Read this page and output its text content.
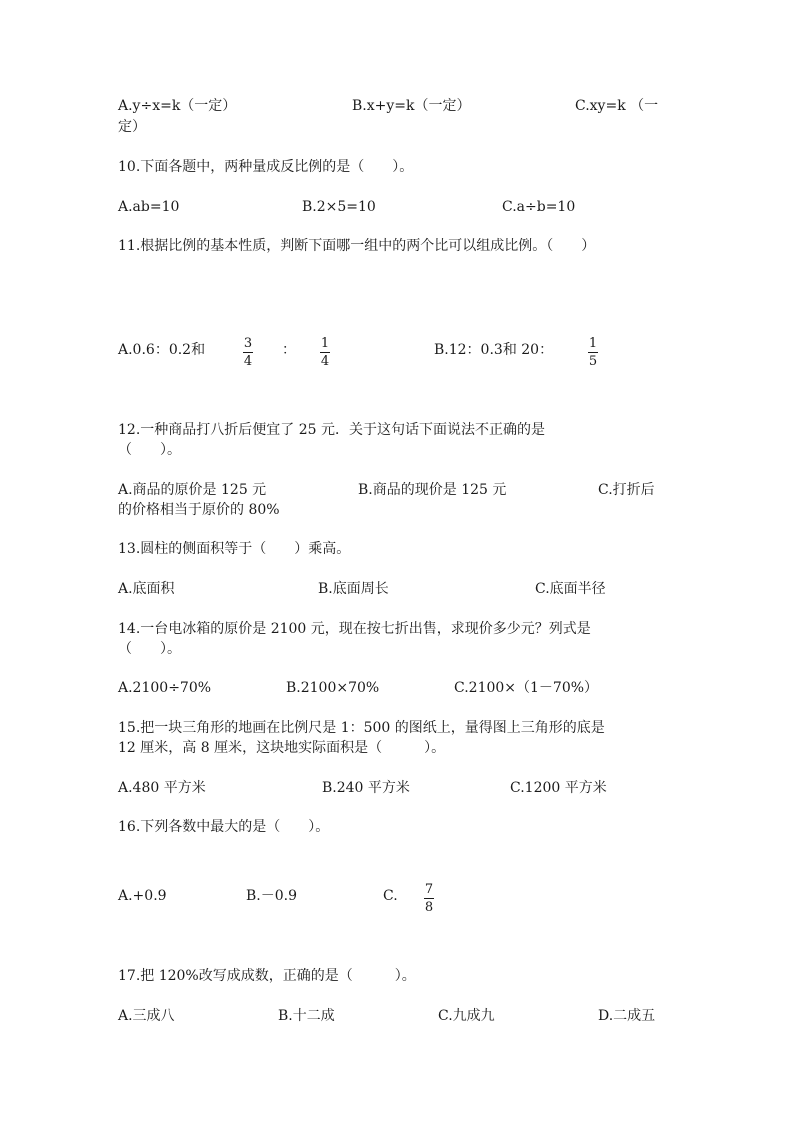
A.y÷x=k（一定）	B.x+y=k（一定）	C.xy=k （一
定）
10.下面各题中，两种量成反比例的是（　　）。
A.ab=10	B.2×5=10	C.a÷b=10
11.根据比例的基本性质，判断下面哪一组中的两个比可以组成比例。（　　）
A.0.6：0.2和	3
4
： 1
4
B.12：0.3和 20：	1
5
12.一种商品打八折后便宜了 25 元．关于这句话下面说法不正确的是
（　　）。
A.商品的原价是 125 元	B.商品的现价是 125 元	C.打折后
的价格相当于原价的 80%
13.圆柱的侧面积等于（　　）乘高。
A.底面积	B.底面周长	C.底面半径
14.一台电冰箱的原价是 2100 元，现在按七折出售，求现价多少元？列式是
（　　）。
A.2100÷70%	B.2100×70%	C.2100×（1－70%）
15.把一块三角形的地画在比例尺是 1：500 的图纸上，量得图上三角形的底是
12 厘米，高 8 厘米，这块地实际面积是（　　　）。
A.480 平方米	B.240 平方米	C.1200 平方米
16.下列各数中最大的是（　　）。
A.+0.9	B.－0.9	C. 7
8
17.把 120%改写成成数，正确的是（　　　）。
A.三成八	B.十二成	C.九成九	D.二成五
